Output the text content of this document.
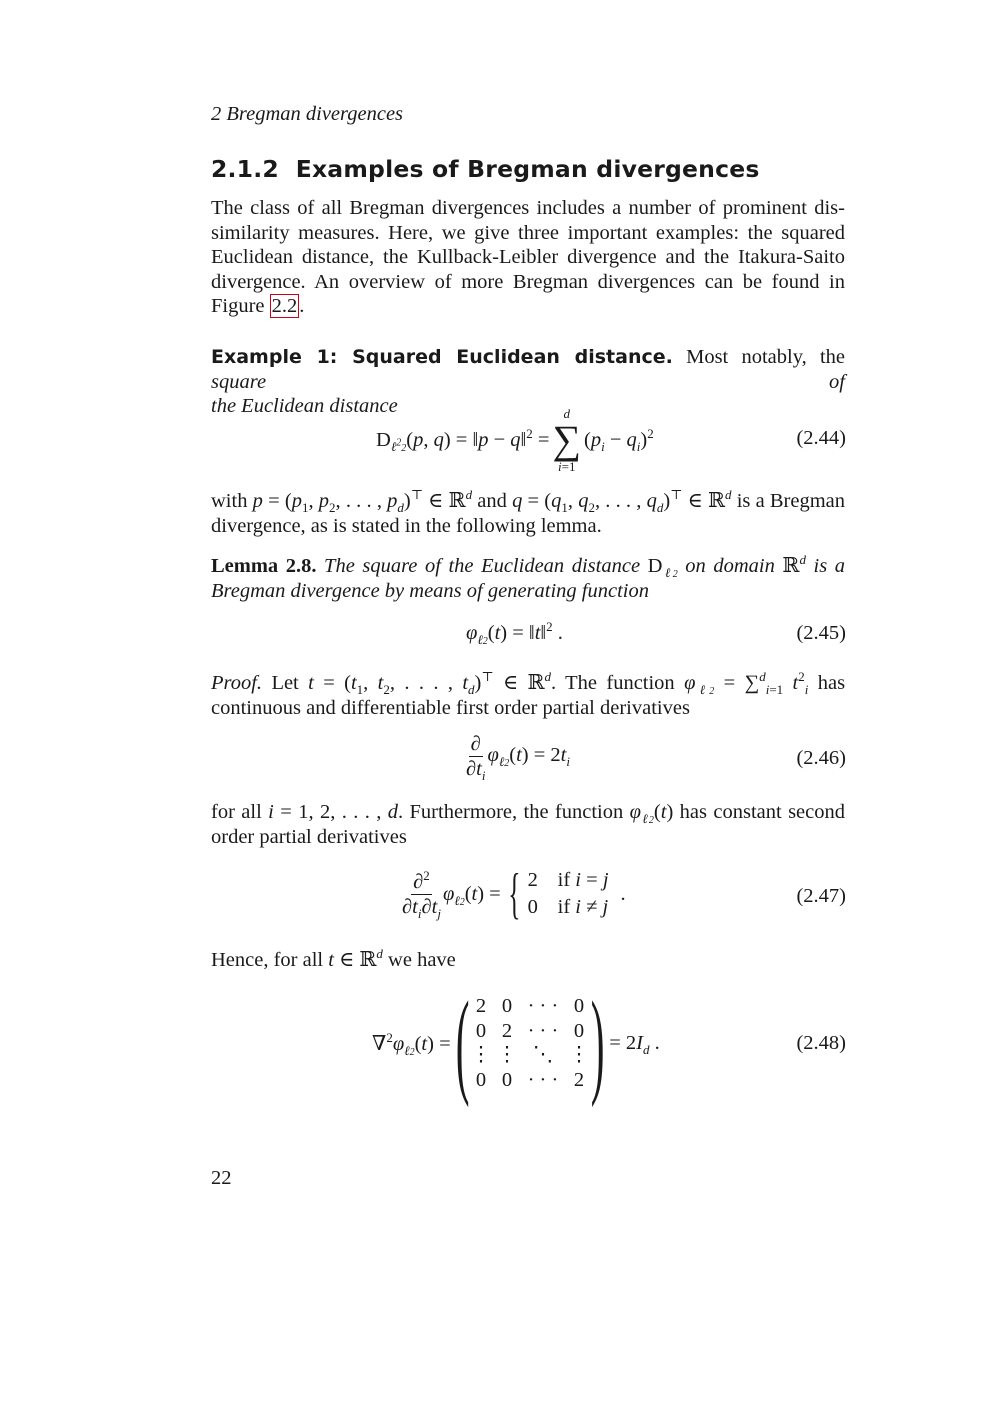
2 Bregman divergences
2.1.2 Examples of Bregman divergences
The class of all Bregman divergences includes a number of prominent dis-
similarity measures. Here, we give three important examples: the squared
Euclidean distance, the Kullback-Leibler divergence and the Itakura-Saito
divergence. An overview of more Bregman divergences can be found in
Figure 2.2.
Example 1: Squared Euclidean distance. Most notably, the square of
the Euclidean distance
$D_{\ell^22}(p$, q) = ‖p − q‖$^2$ =
d
∑
i=1
$(p_i - q_i)^2$	(2.44)
with $p = (p_1$, $p_2$, . . . , $p_d)^⊤$ ∈ ℝ$^d$ and $q = (q_1$, $q_2$, . . . , $q_d)^⊤$ ∈ ℝ$^d$ is a Bregman
divergence, as is stated in the following lemma.
Lemma 2.8. The square of the Euclidean distance $D_{\ell 2}$ on domain ℝ$^d$ is a
Bregman divergence by means of generating function
$\varphi_{\ell 2}(t)$ = ‖t‖$^2$ .	(2.45)
Proof. Let $t = (t_1$, $t_2$, . . . , $t_d)^⊤$ ∈ ℝ$^d$. The function $\varphi_{\ell 2} = \sum^d_{i=1}$ $t^2_i$ has
continuous and differentiable first order partial derivatives
$\frac{\partial}{\partial t_i} \varphi_{\ell 2}(t) = 2t_i$	(2.46)
for all i = 1, 2, . . . , d. Furthermore, the function $\varphi_{\ell 2}(t)$ has constant second
order partial derivatives
$\frac{\partial^2}{\partial t_i\partial t_j} \varphi_{\ell 2}(t)$ = { 2 if i = j
0 if i ≠ j
.	(2.47)
Hence, for all t ∈ ℝ$^d$ we have
$\nabla^2\varphi_{\ell 2}(t)$ = ( 2 0 · · · 0
0 2 · · · 0
⋮ ⋮ ⋱ ⋮
0 0 · · · 2 ) = $2I_d$ .	(2.48)
22
